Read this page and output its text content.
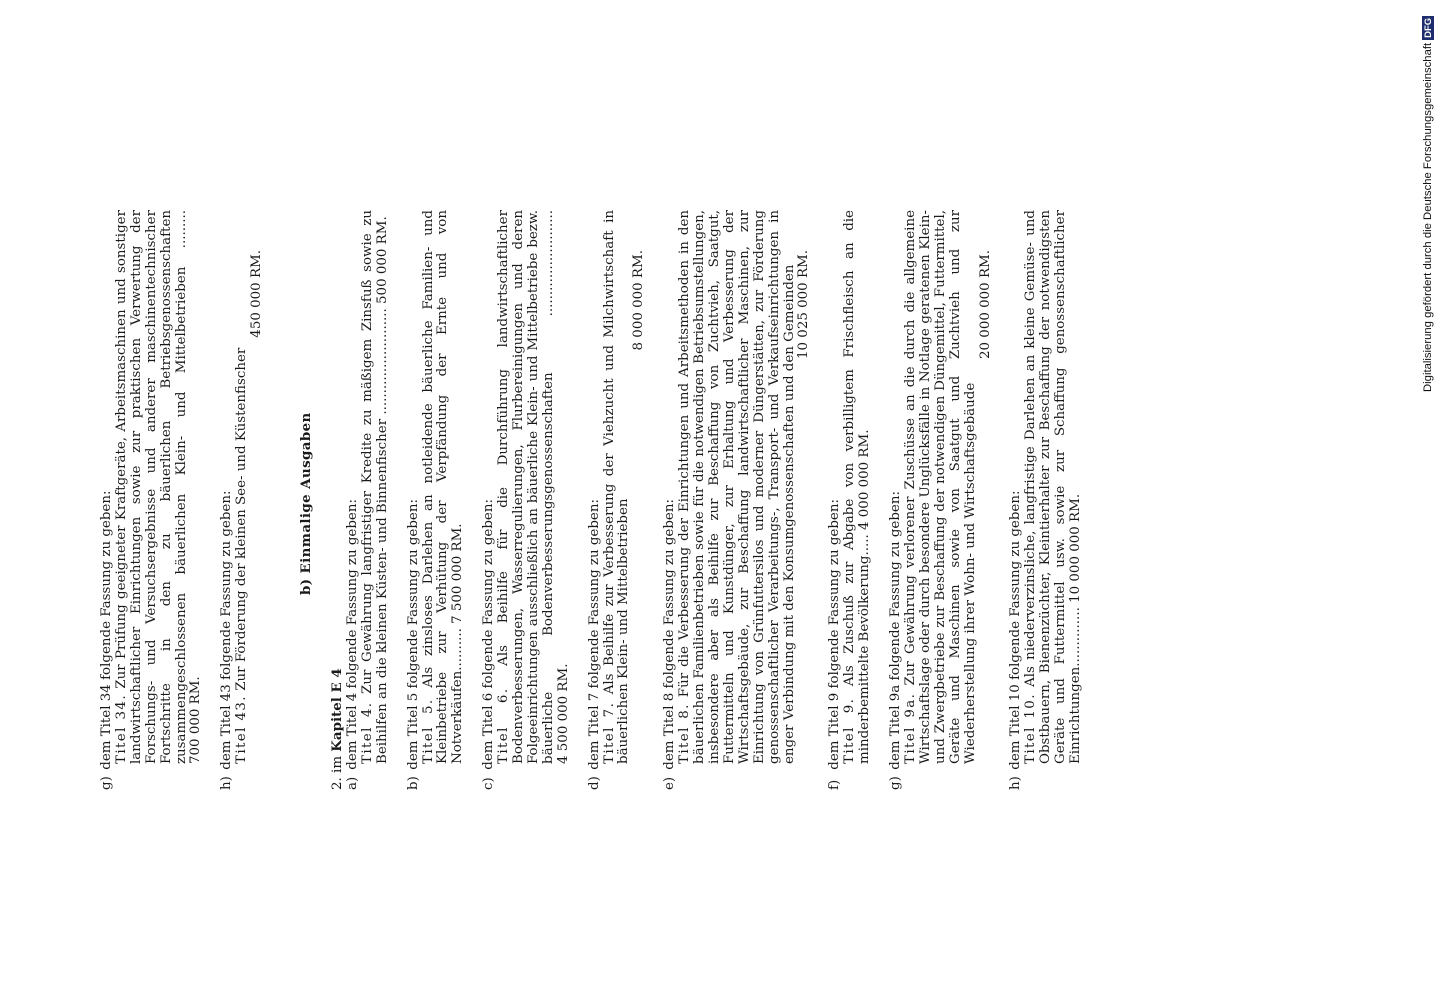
g) dem Titel 34 folgende Fassung zu geben: Titel 34. Zur Prüfung geeigneter Kraftgeräte, Arbeitsmaschinen und sonstiger landwirtschaftlicher Einrichtungen sowie zur praktischen Verwertung der Forschungs- und Versuchsergebnisse und anderer maschinentechnischer Fortschritte in den zu bäuerlichen Betriebsgenossenschaften zusammengeschlossenen bäuerlichen Klein- und Mittelbetrieben ......... 700 000 RM.
h) dem Titel 43 folgende Fassung zu geben: Titel 43. Zur Förderung der kleinen See- und Küstenfischer
450 000 RM.
b) Einmalige Ausgaben
2. im Kapitel E 4
a) dem Titel 4 folgende Fassung zu geben: Titel 4. Zur Gewährung langfristiger Kredite zu mäßigem Zinsfuß sowie zu Beihilfen an die kleinen Küsten- und Binnenfischer ......................... 500 000 RM.
b) dem Titel 5 folgende Fassung zu geben: Titel 5. Als zinsloses Darlehen an notleidende bäuerliche Familien- und Kleinbetriebe zur Verhütung der Verpfändung der Ernte und von Notverkäufen.......... 7 500 000 RM.
c) dem Titel 6 folgende Fassung zu geben: Titel 6. Als Beihilfe für die Durchführung landwirtschaftlicher Bodenverbesserungen, Wasserregulierungen, Flurbereinigungen und deren Folgeeinrichtungen ausschließlich an bäuerliche Klein- und Mittelbetriebe bezw. bäuerliche Bodenverbesserungsgenossenschaften ......................... 4 500 000 RM.
d) dem Titel 7 folgende Fassung zu geben: Titel 7. Als Beihilfe zur Verbesserung der Viehzucht und Milchwirtschaft in bäuerlichen Klein- und Mittelbetrieben
8 000 000 RM.
e) dem Titel 8 folgende Fassung zu geben: Titel 8. Für die Verbesserung der Einrichtungen und Arbeitsmethoden in den bäuerlichen Familienbetrieben sowie für die notwendigen Betriebsumstellungen, insbesondere aber als Beihilfe zur Beschaffung von Zuchtvieh, Saatgut, Futtermitteln und Kunstdünger, zur Erhaltung und Verbesserung der Wirtschaftsgebäude, zur Beschaffung landwirtschaftlicher Maschinen, zur Einrichtung von Grünfuttersilos und moderner Düngerstätten, zur Förderung genossenschaftlicher Verarbeitungs-, Transport- und Verkaufseinrichtungen in enger Verbindung mit den Konsumgenossenschaften und den Gemeinden 10 025 000 RM.
f) dem Titel 9 folgende Fassung zu geben: Titel 9. Als Zuschuß zur Abgabe von verbilligtem Frischfleisch an die minderbemittelte Bevölkerung..... 4 000 000 RM.
g) dem Titel 9a folgende Fassung zu geben: Titel 9a. Zur Gewährung verlorener Zuschüsse an die durch die allgemeine Wirtschaftslage oder durch besondere Unglücksfälle in Notlage geratenen Klein- und Zwergbetriebe zur Beschaffung der notwendigen Düngemittel, Futtermittel, Geräte und Maschinen sowie von Saatgut und Zuchtvieh und zur Wiederherstellung ihrer Wohn- und Wirtschaftsgebäude
20 000 000 RM.
h) dem Titel 10 folgende Fassung zu geben: Titel 10. Als niederverzinsliche, langfristige Darlehen an kleine Gemüse- und Obstbauern, Bienenzüchter, Kleintierhalter zur Beschaffung der notwendigsten Geräte und Futtermittel usw. sowie zur Schaffung genossenschaftlicher Einrichtungen.............. 10 000 000 RM.
Digitalisierung gefördert durch die Deutsche ForschungsgemeinschaftDFG
